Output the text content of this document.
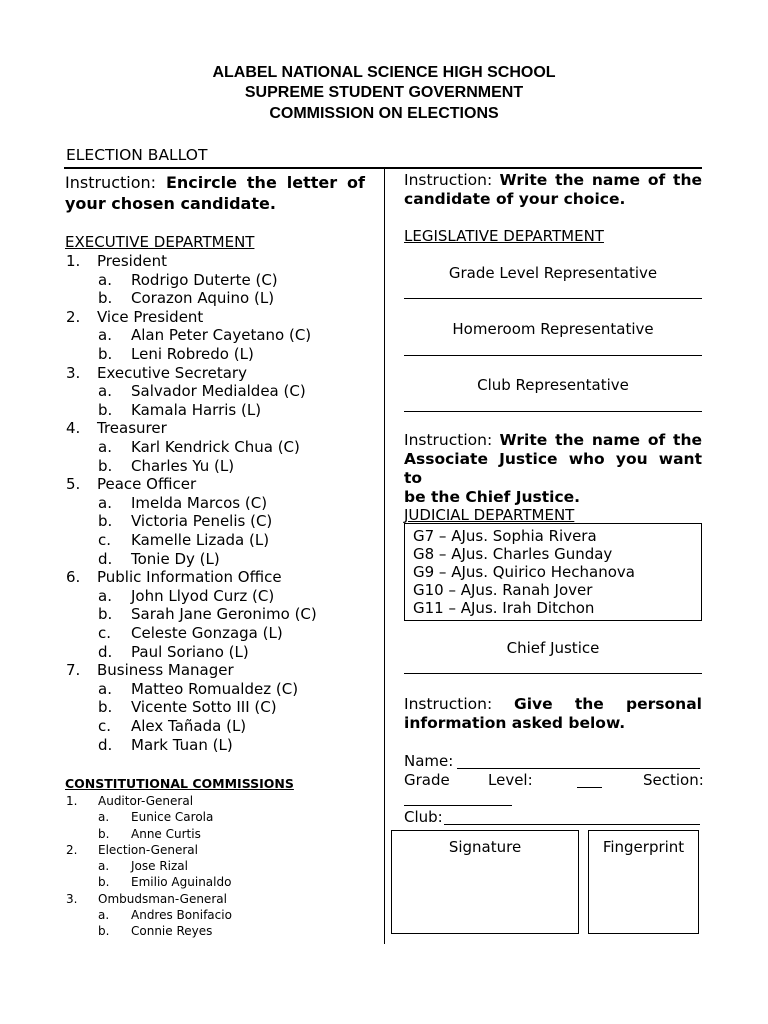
ALABEL NATIONAL SCIENCE HIGH SCHOOL
SUPREME STUDENT GOVERNMENT
COMMISSION ON ELECTIONS
ELECTION BALLOT
Instruction: Encircle the letter of
your chosen candidate.
EXECUTIVE DEPARTMENT
1. President
a. Rodrigo Duterte (C)
b. Corazon Aquino (L)
2. Vice President
a. Alan Peter Cayetano (C)
b. Leni Robredo (L)
3. Executive Secretary
a. Salvador Medialdea (C)
b. Kamala Harris (L)
4. Treasurer
a. Karl Kendrick Chua (C)
b. Charles Yu (L)
5. Peace Officer
a. Imelda Marcos (C)
b. Victoria Penelis (C)
c. Kamelle Lizada (L)
d. Tonie Dy (L)
6. Public Information Office
a. John Llyod Curz (C)
b. Sarah Jane Geronimo (C)
c. Celeste Gonzaga (L)
d. Paul Soriano (L)
7. Business Manager
a. Matteo Romualdez (C)
b. Vicente Sotto III (C)
c. Alex Tañada (L)
d. Mark Tuan (L)
CONSTITUTIONAL COMMISSIONS
1. Auditor-General
a. Eunice Carola
b. Anne Curtis
2. Election-General
a. Jose Rizal
b. Emilio Aguinaldo
3. Ombudsman-General
a. Andres Bonifacio
b. Connie Reyes
Instruction: Write the name of the
candidate of your choice.
LEGISLATIVE DEPARTMENT
Grade Level Representative
Homeroom Representative
Club Representative
Instruction: Write the name of the
Associate Justice who you want to
be the Chief Justice.
JUDICIAL DEPARTMENT
G7 – AJus. Sophia Rivera
G8 – AJus. Charles Gunday
G9 – AJus. Quirico Hechanova
G10 – AJus. Ranah Jover
G11 – AJus. Irah Ditchon
Chief Justice
Instruction: Give the personal
information asked below.
Name:
Grade	Level:	Section:
Club:
Signature	Fingerprint
